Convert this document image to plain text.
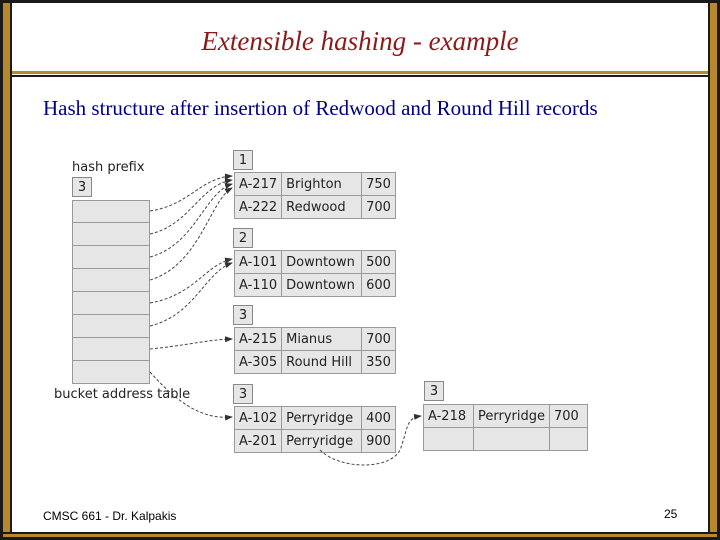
Extensible hashing - example
Hash structure after insertion of Redwood and Round Hill records
hash prefix
3
bucket address table
1
A-217	Brighton	750
A-222	Redwood	700
2
A-101	Downtown	500
A-110	Downtown	600
3
A-215	Mianus	700
A-305	Round Hill	350
3
A-102	Perryridge	400
A-201	Perryridge	900
3
A-218	Perryridge	700

CMSC 661 - Dr. Kalpakis	25
